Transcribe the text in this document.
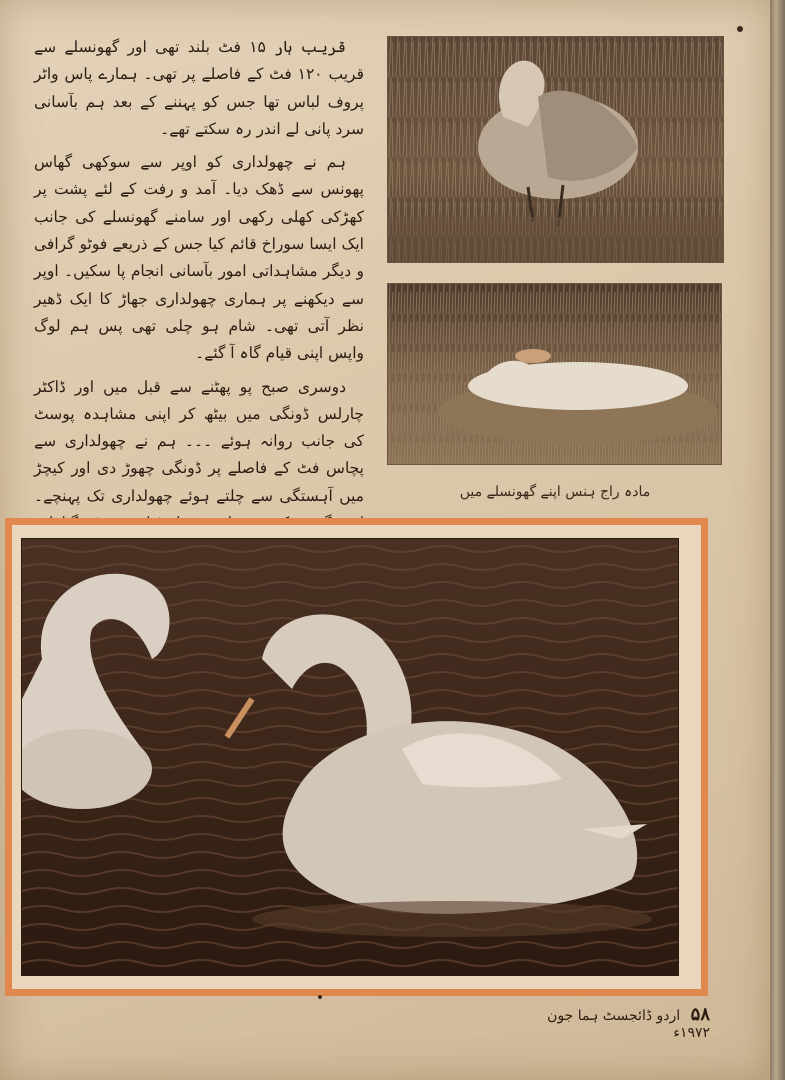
قریب ہار ۱۵ فٹ بلند تھی اور گھونسلے سے قریب ۱۲۰ فٹ کے فاصلے پر تھی۔ ہمارے پاس واٹر پروف لباس تھا جس کو پہننے کے بعد ہم بآسانی سرد پانی لے اندر رہ سکتے تھے۔

ہم نے چھولداری کو اوپر سے سوکھی گھاس پھونس سے ڈھک دیا۔ آمد و رفت کے لئے پشت پر کھڑکی کھلی رکھی اور سامنے گھونسلے کی جانب ایک ایسا سوراخ قائم کیا جس کے ذریعے فوٹو گرافی و دیگر مشاہداتی امور بآسانی انجام پا سکیں۔ اوپر سے دیکھنے پر ہماری چھولداری جھاڑ کا ایک ڈھیر نظر آتی تھی۔ شام ہو چلی تھی پس ہم لوگ واپس اپنی قیام گاہ آ گئے۔

دوسری صبح پو پھٹنے سے قبل میں اور ڈاکٹر چارلس ڈونگی میں بیٹھ کر اپنی مشاہدہ پوسٹ کی جانب روانہ ہوئے ۔۔۔ ہم نے چھولداری سے پچاس فٹ کے فاصلے پر ڈونگی چھوڑ دی اور کیچڑ میں آہستگی سے چلتے ہوئے چھولداری تک پہنچے۔	مادہ راج ہنس اپنے گھونسلے میں
۵۸ اردو ڈائجسٹ ہما جون ۱۹۷۲ء
